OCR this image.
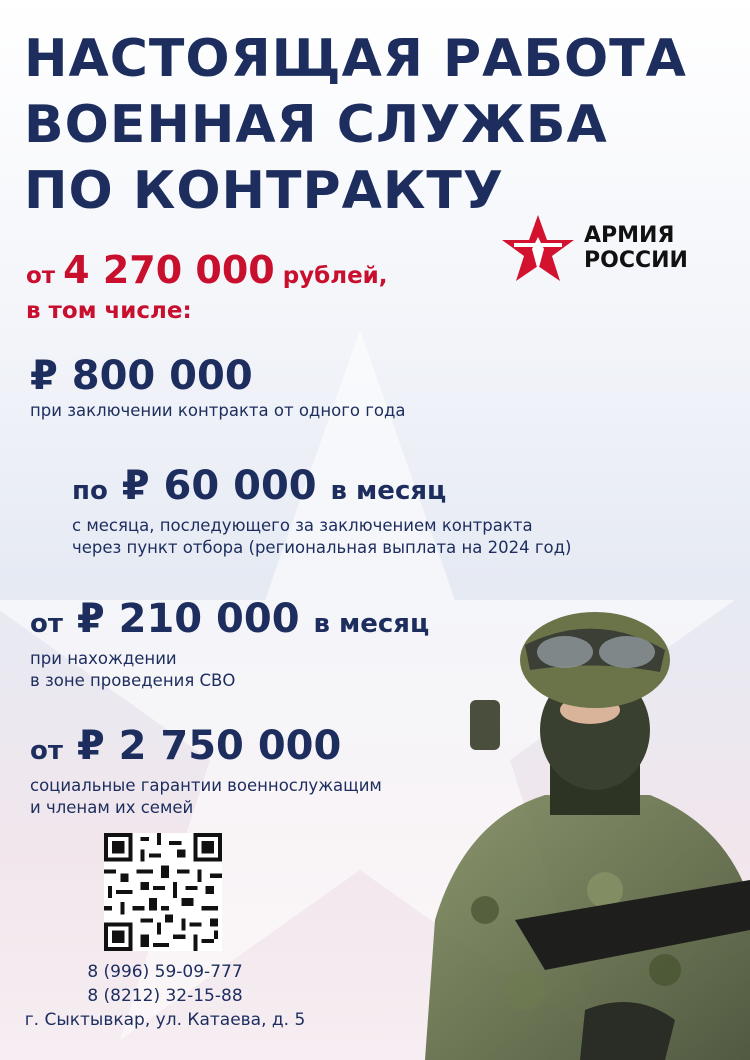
НАСТОЯЩАЯ РАБОТА
ВОЕННАЯ СЛУЖБА
ПО КОНТРАКТУ
АРМИЯ
РОССИИ
от 4 270 000 рублей,
в том числе:
₽ 800 000
при заключении контракта от одного года
по ₽ 60 000 в месяц
с месяца, последующего за заключением контракта
через пункт отбора (региональная выплата на 2024 год)
от ₽ 210 000 в месяц
при нахождении
в зоне проведения СВО
от ₽ 2 750 000
социальные гарантии военнослужащим
и членам их семей
8 (996) 59-09-777
8 (8212) 32-15-88
г. Сыктывкар, ул. Катаева, д. 5
